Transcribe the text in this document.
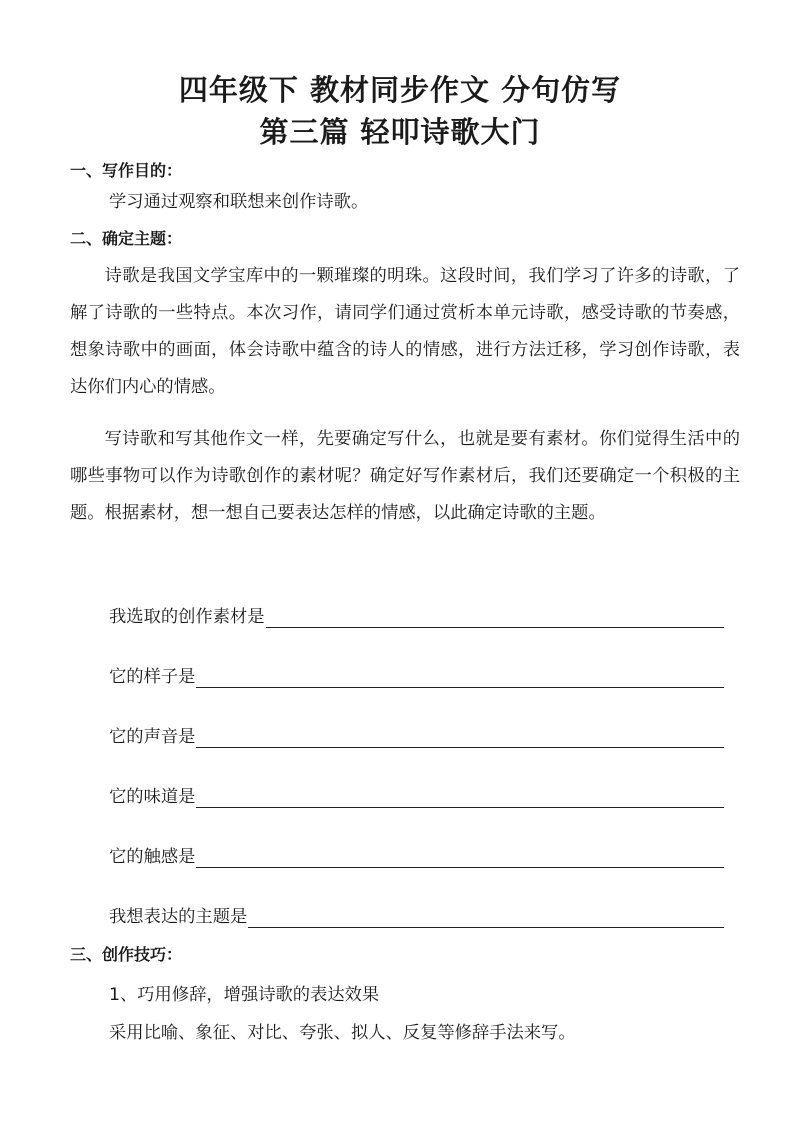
四年级下 教材同步作文 分句仿写
第三篇 轻叩诗歌大门
一、写作目的：
学习通过观察和联想来创作诗歌。
二、确定主题：

诗歌是我国文学宝库中的一颗璀璨的明珠。这段时间，我们学习了许多的诗歌，了解了诗歌的一些特点。本次习作，请同学们通过赏析本单元诗歌，感受诗歌的节奏感，想象诗歌中的画面，体会诗歌中蕴含的诗人的情感，进行方法迁移，学习创作诗歌，表达你们内心的情感。

写诗歌和写其他作文一样，先要确定写什么，也就是要有素材。你们觉得生活中的哪些事物可以作为诗歌创作的素材呢？确定好写作素材后，我们还要确定一个积极的主题。根据素材，想一想自己要表达怎样的情感，以此确定诗歌的主题。

我选取的创作素材是
它的样子是
它的声音是
它的味道是
它的触感是
我想表达的主题是
三、创作技巧：
1、巧用修辞，增强诗歌的表达效果
采用比喻、象征、对比、夸张、拟人、反复等修辞手法来写。
